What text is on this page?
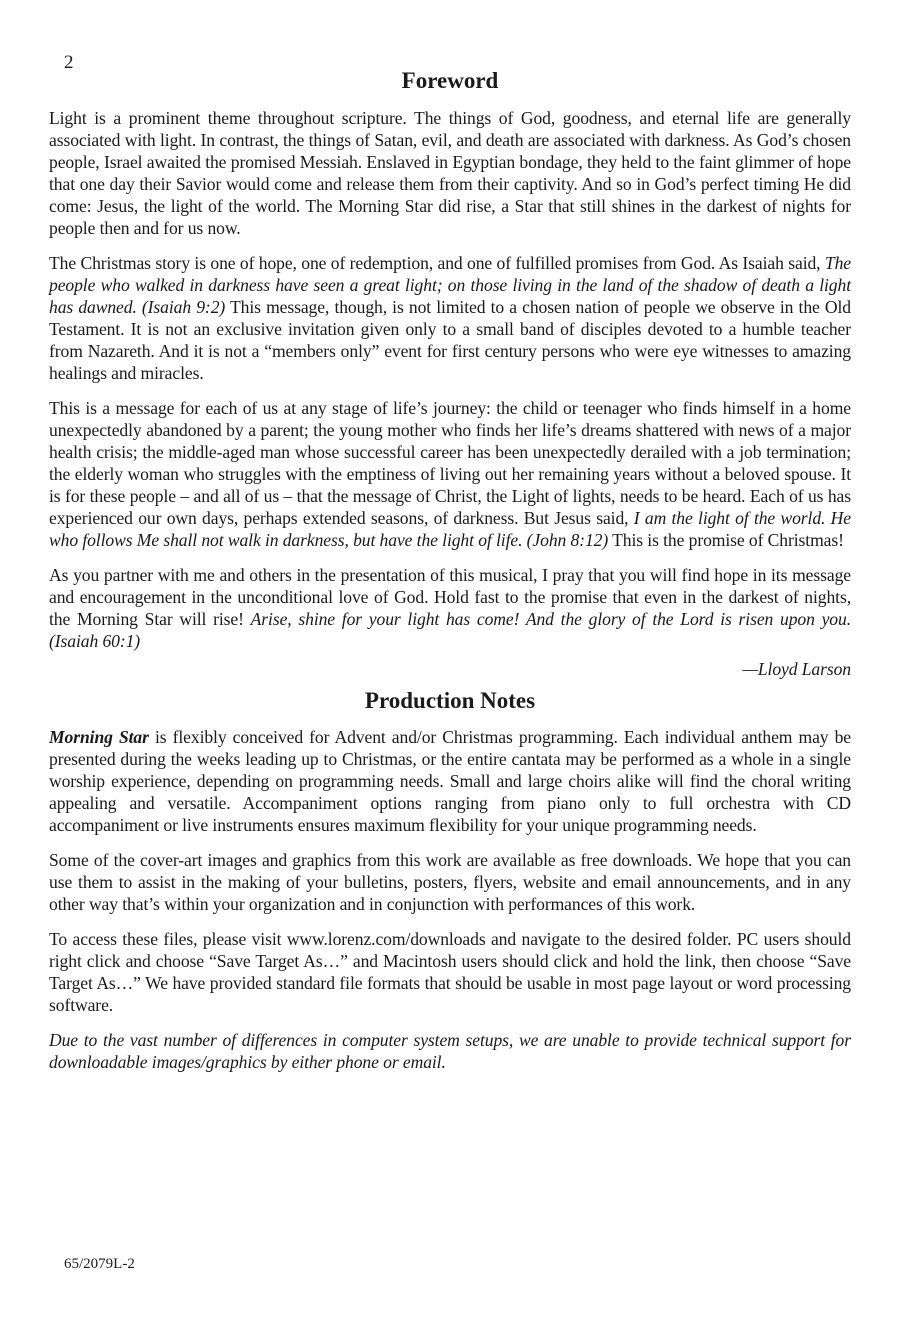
2
Foreword

Light is a prominent theme throughout scripture. The things of God, goodness, and eternal life are generally associated with light. In contrast, the things of Satan, evil, and death are associated with darkness. As God’s chosen people, Israel awaited the promised Messiah. Enslaved in Egyptian bondage, they held to the faint glimmer of hope that one day their Savior would come and release them from their captivity. And so in God’s perfect timing He did come: Jesus, the light of the world. The Morning Star did rise, a Star that still shines in the darkest of nights for people then and for us now.

The Christmas story is one of hope, one of redemption, and one of fulfilled promises from God. As Isaiah said, The people who walked in darkness have seen a great light; on those living in the land of the shadow of death a light has dawned. (Isaiah 9:2) This message, though, is not limited to a chosen nation of people we observe in the Old Testament. It is not an exclusive invitation given only to a small band of disciples devoted to a humble teacher from Nazareth. And it is not a “members only” event for first century persons who were eye witnesses to amazing healings and miracles.

This is a message for each of us at any stage of life’s journey: the child or teenager who finds himself in a home unexpectedly abandoned by a parent; the young mother who finds her life’s dreams shattered with news of a major health crisis; the middle-aged man whose successful career has been unexpectedly derailed with a job termination; the elderly woman who struggles with the emptiness of living out her remaining years without a beloved spouse. It is for these people – and all of us – that the message of Christ, the Light of lights, needs to be heard. Each of us has experienced our own days, perhaps extended seasons, of darkness. But Jesus said, I am the light of the world. He who follows Me shall not walk in darkness, but have the light of life. (John 8:12) This is the promise of Christmas!

As you partner with me and others in the presentation of this musical, I pray that you will find hope in its message and encouragement in the unconditional love of God. Hold fast to the promise that even in the darkest of nights, the Morning Star will rise! Arise, shine for your light has come! And the glory of the Lord is risen upon you. (Isaiah 60:1)

—Lloyd Larson

Production Notes

Morning Star is flexibly conceived for Advent and/or Christmas programming. Each individual anthem may be presented during the weeks leading up to Christmas, or the entire cantata may be performed as a whole in a single worship experience, depending on programming needs. Small and large choirs alike will find the choral writing appealing and versatile. Accompaniment options ranging from piano only to full orchestra with CD accompaniment or live instruments ensures maximum flexibility for your unique programming needs.

Some of the cover-art images and graphics from this work are available as free downloads. We hope that you can use them to assist in the making of your bulletins, posters, flyers, website and email announcements, and in any other way that’s within your organization and in conjunction with performances of this work.

To access these files, please visit www.lorenz.com/downloads and navigate to the desired folder. PC users should right click and choose “Save Target As…” and Macintosh users should click and hold the link, then choose “Save Target As…” We have provided standard file formats that should be usable in most page layout or word processing software.

Due to the vast number of differences in computer system setups, we are unable to provide technical support for downloadable images/graphics by either phone or email.

65/2079L-2
